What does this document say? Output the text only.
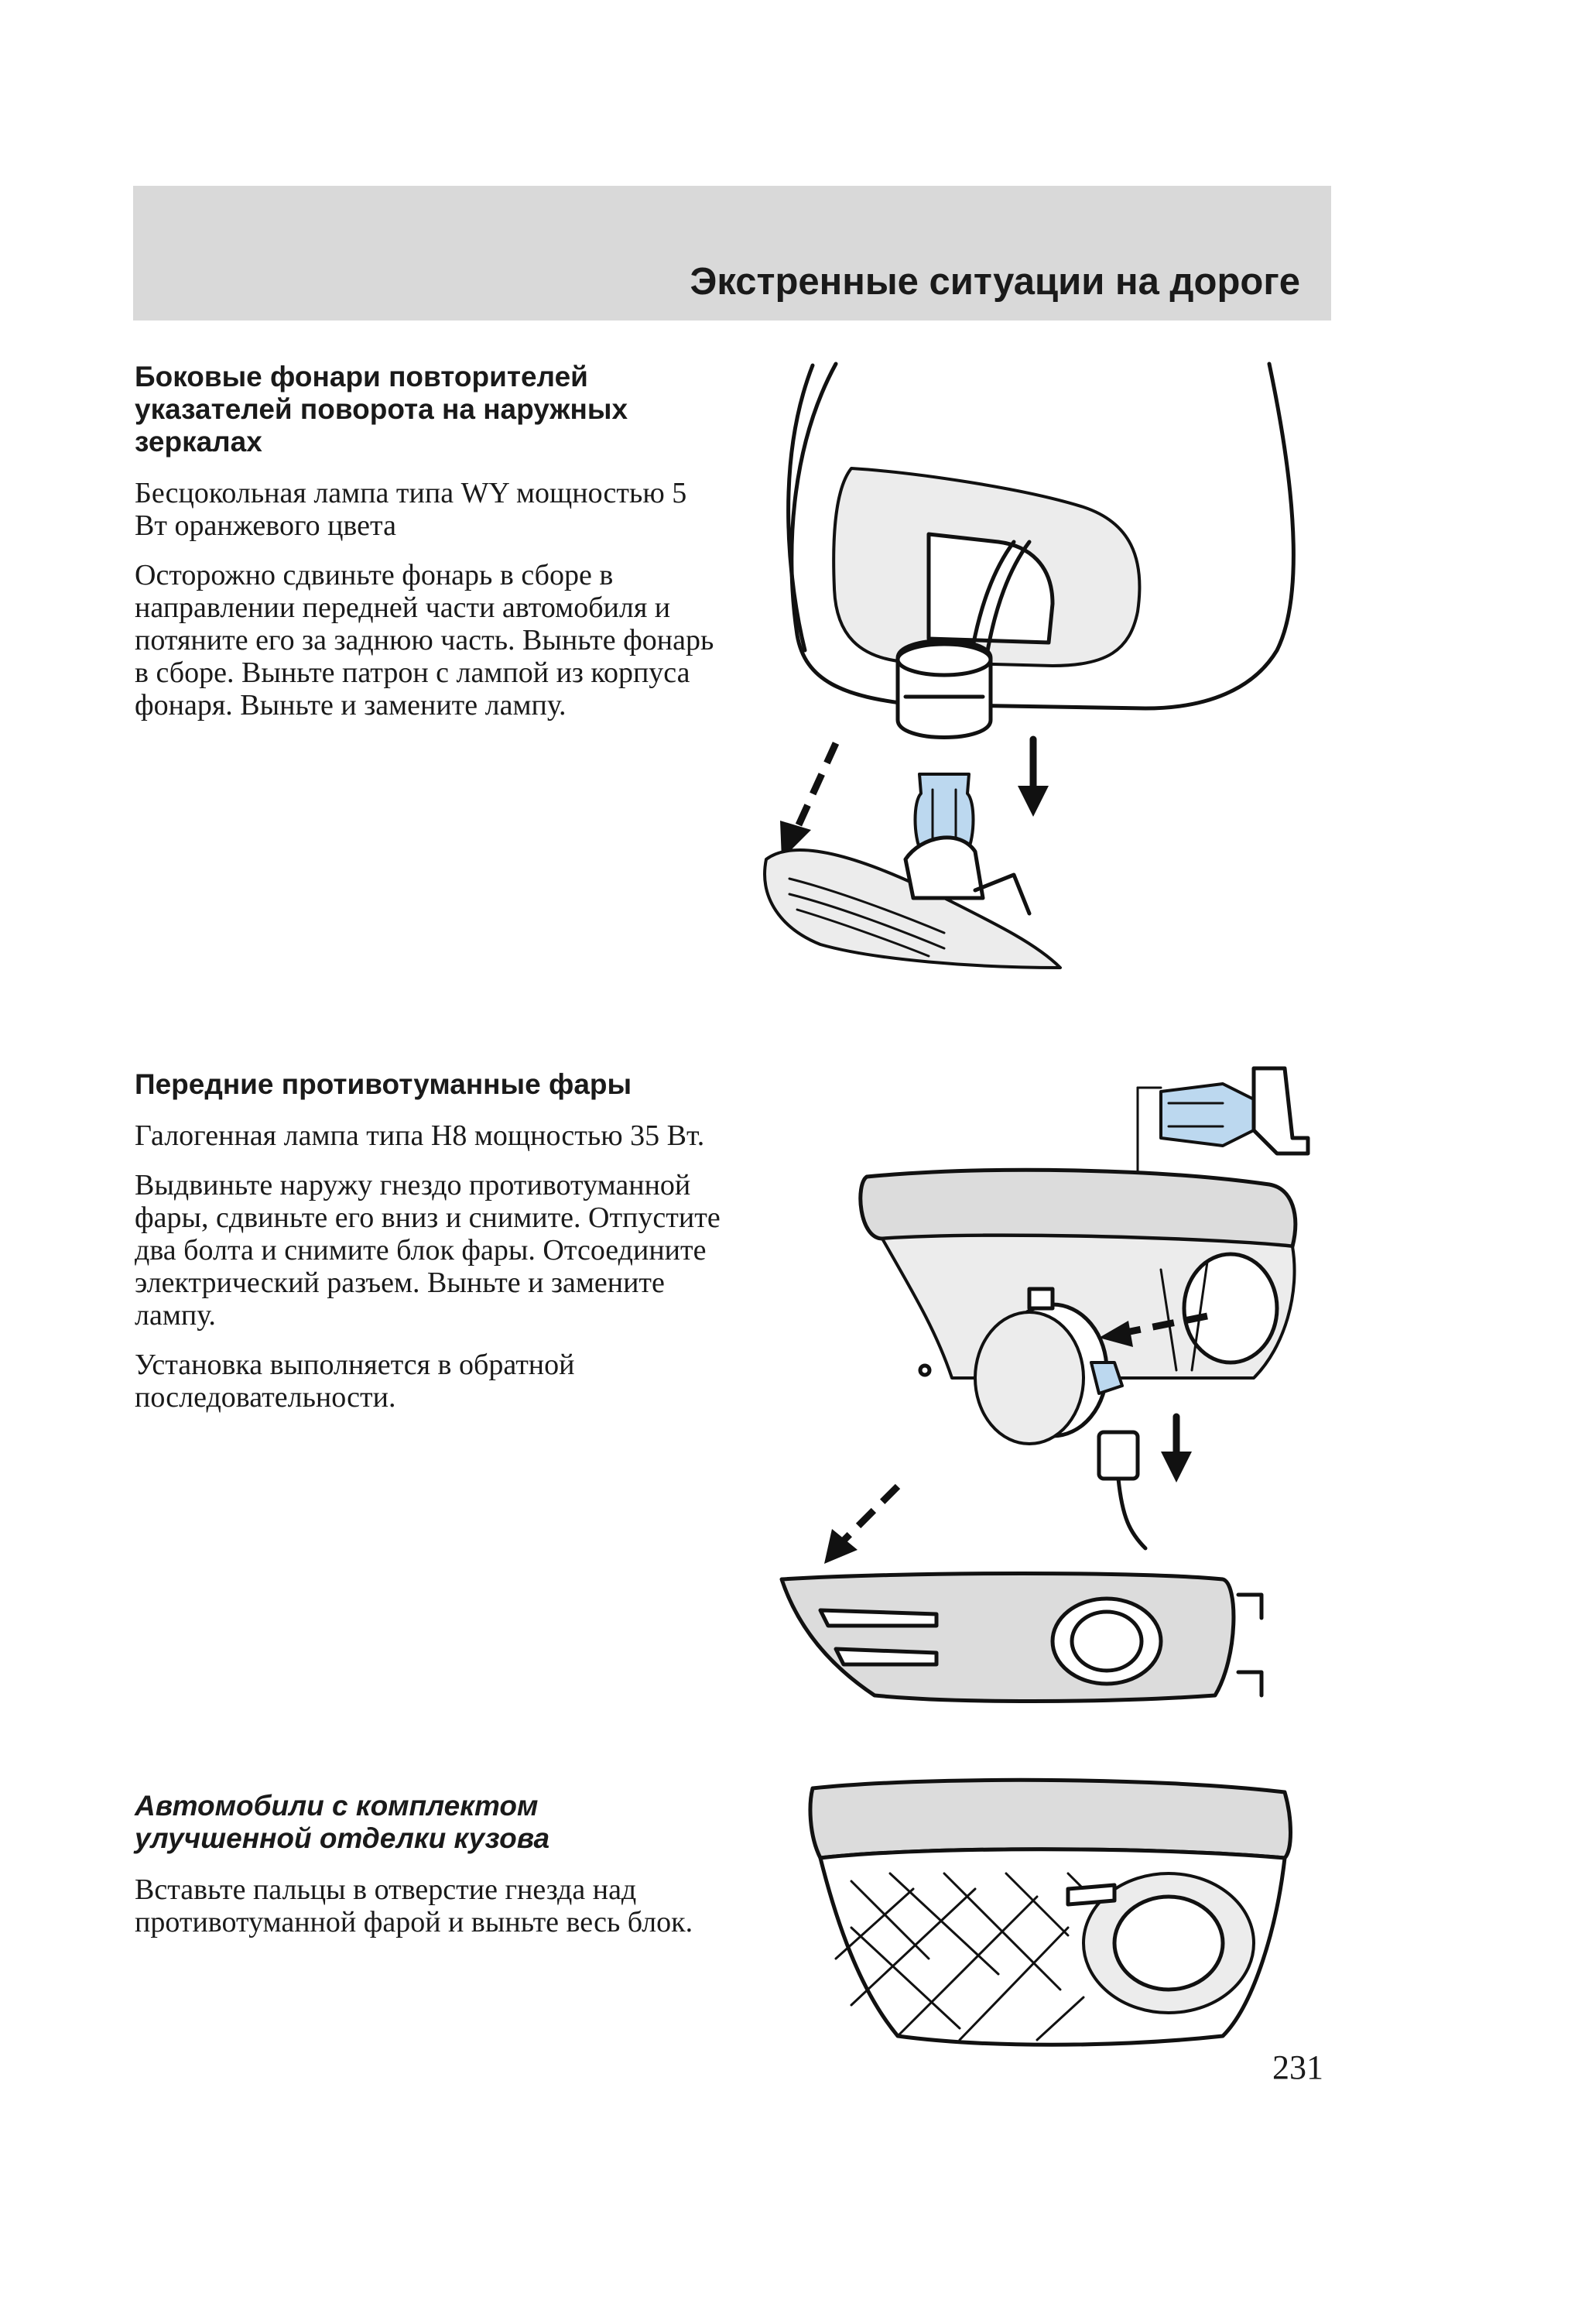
Экстренные ситуации на дороге
Боковые фонари повторителей указателей поворота на наружных зеркалах
Бесцокольная лампа типа WY мощностью 5 Вт оранжевого цвета
Осторожно сдвиньте фонарь в сборе в направлении передней части автомобиля и потяните его за заднюю часть. Выньте фонарь в сборе. Выньте патрон с лампой из корпуса фонаря. Выньте и замените лампу.
Передние противотуманные фары
Галогенная лампа типа H8 мощностью 35 Вт.
Выдвиньте наружу гнездо противотуманной фары, сдвиньте его вниз и снимите. Отпустите два болта и снимите блок фары. Отсоедините электрический разъем. Выньте и замените лампу.
Установка выполняется в обратной последовательности.
Автомобили с комплектом улучшенной отделки кузова
Вставьте пальцы в отверстие гнезда над противотуманной фарой и выньте весь блок.
231
